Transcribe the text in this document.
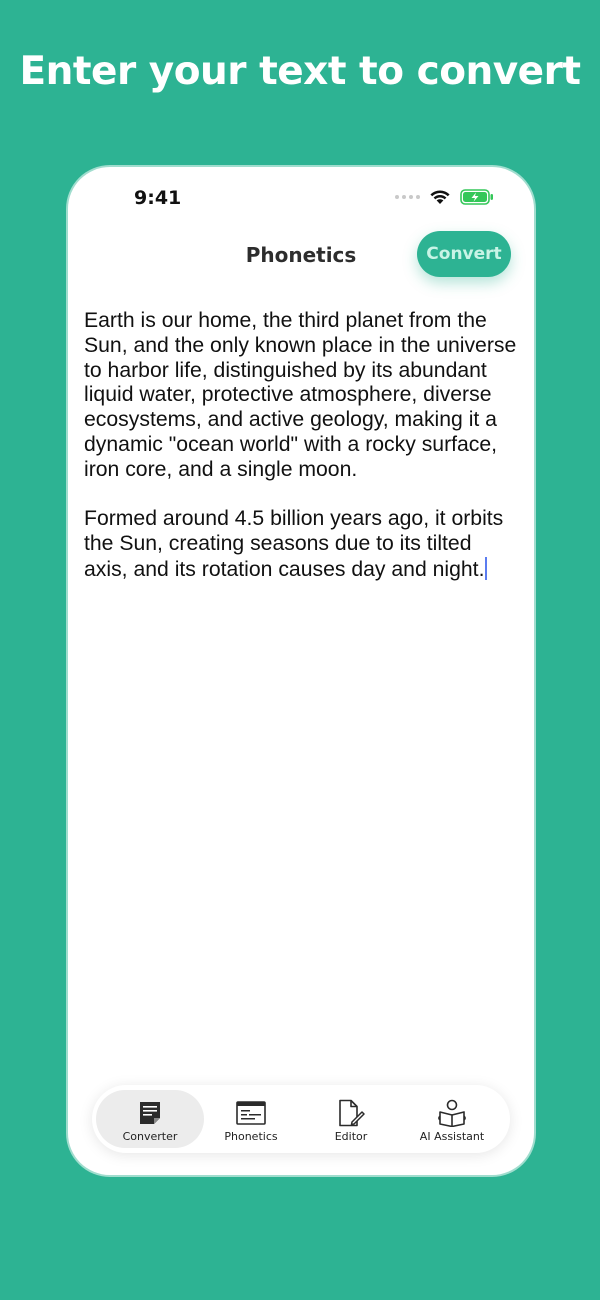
Enter your text to convert
9:41
Phonetics	Convert

Earth is our home, the third planet from the Sun, and the only known place in the universe to harbor life, distinguished by its abundant liquid water, protective atmosphere, diverse ecosystems, and active geology, making it a dynamic "ocean world" with a rocky surface, iron core, and a single moon.

Formed around 4.5 billion years ago, it orbits the Sun, creating seasons due to its tilted axis, and its rotation causes day and night.

Converter	Phonetics	Editor	AI Assistant
